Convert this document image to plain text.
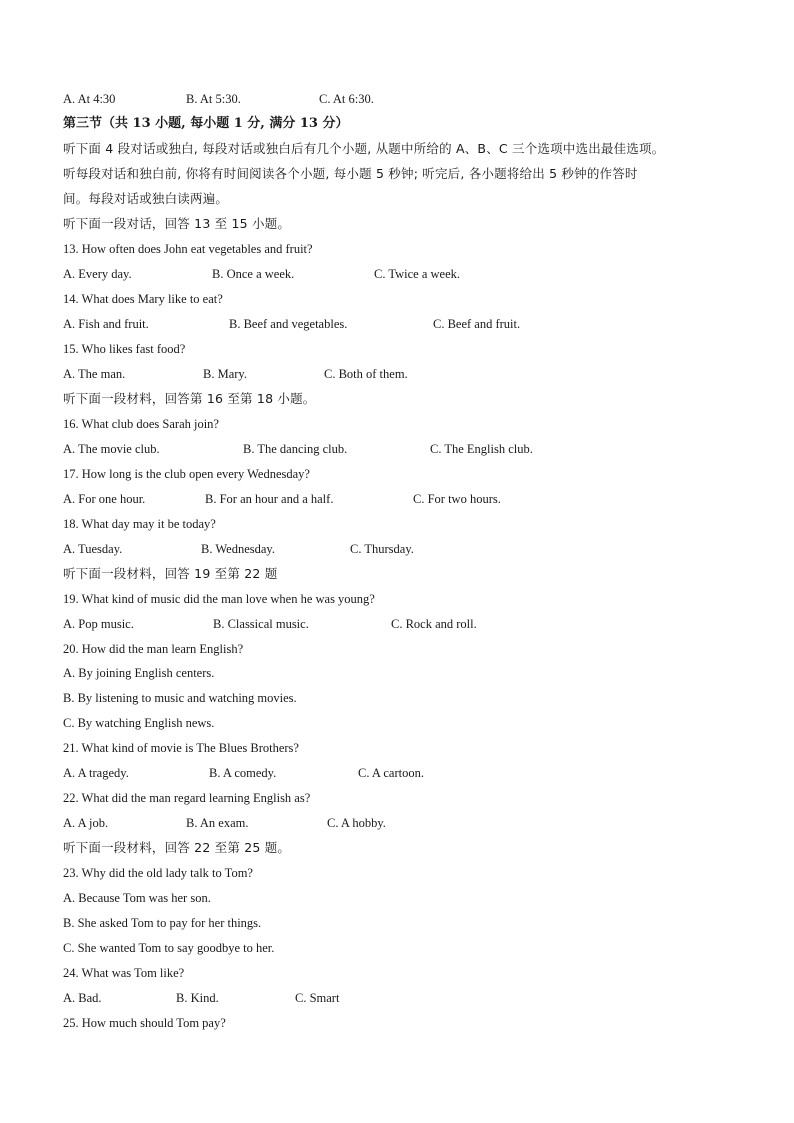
A. At 4:30	B. At 5:30.	C. At 6:30.
第三节（共 13 小题, 每小题 1 分, 满分 13 分）
听下面 4 段对话或独白, 每段对话或独白后有几个小题, 从题中所给的 A、B、C 三个选项中选出最佳选项。
听每段对话和独白前, 你将有时间阅读各个小题, 每小题 5 秒钟; 听完后, 各小题将给出 5 秒钟的作答时
间。每段对话或独白读两遍。
听下面一段对话，回答 13 至 15 小题。
13. How often does John eat vegetables and fruit?
A. Every day.	B. Once a week.	C. Twice a week.
14. What does Mary like to eat?
A. Fish and fruit.	B. Beef and vegetables.	C. Beef and fruit.
15. Who likes fast food?
A. The man.	B. Mary.	C. Both of them.
听下面一段材料，回答第 16 至第 18 小题。
16. What club does Sarah join?
A. The movie club.	B. The dancing club.	C. The English club.
17. How long is the club open every Wednesday?
A. For one hour.	B. For an hour and a half.	C. For two hours.
18. What day may it be today?
A. Tuesday.	B. Wednesday.	C. Thursday.
听下面一段材料，回答 19 至第 22 题
19. What kind of music did the man love when he was young?
A. Pop music.	B. Classical music.	C. Rock and roll.
20. How did the man learn English?
A. By joining English centers.
B. By listening to music and watching movies.
C. By watching English news.
21. What kind of movie is The Blues Brothers?
A. A tragedy.	B. A comedy.	C. A cartoon.
22. What did the man regard learning English as?
A. A job.	B. An exam.	C. A hobby.
听下面一段材料，回答 22 至第 25 题。
23. Why did the old lady talk to Tom?
A. Because Tom was her son.
B. She asked Tom to pay for her things.
C. She wanted Tom to say goodbye to her.
24. What was Tom like?
A. Bad.	B. Kind.	C. Smart
25. How much should Tom pay?
